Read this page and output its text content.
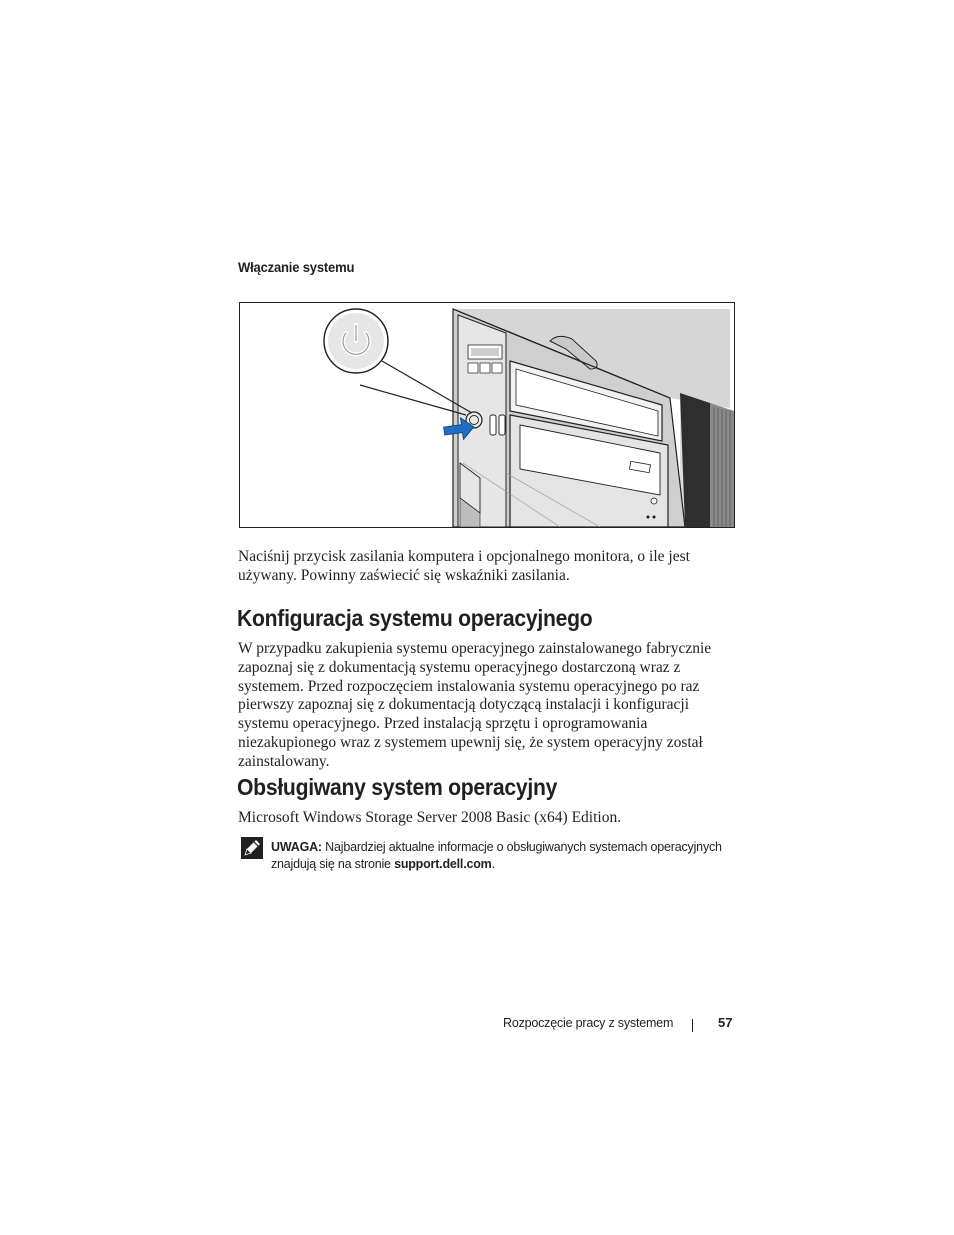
Włączanie systemu
Naciśnij przycisk zasilania komputera i opcjonalnego monitora, o ile jest używany. Powinny zaświecić się wskaźniki zasilania.
Konfiguracja systemu operacyjnego
W przypadku zakupienia systemu operacyjnego zainstalowanego fabrycznie zapoznaj się z dokumentacją systemu operacyjnego dostarczoną wraz z systemem. Przed rozpoczęciem instalowania systemu operacyjnego po raz pierwszy zapoznaj się z dokumentacją dotyczącą instalacji i konfiguracji systemu operacyjnego. Przed instalacją sprzętu i oprogramowania niezakupionego wraz z systemem upewnij się, że system operacyjny został zainstalowany.
Obsługiwany system operacyjny
Microsoft Windows Storage Server 2008 Basic (x64) Edition.
UWAGA: Najbardziej aktualne informacje o obsługiwanych systemach operacyjnych znajdują się na stronie support.dell.com.
Rozpoczęcie pracy z systemem	57
